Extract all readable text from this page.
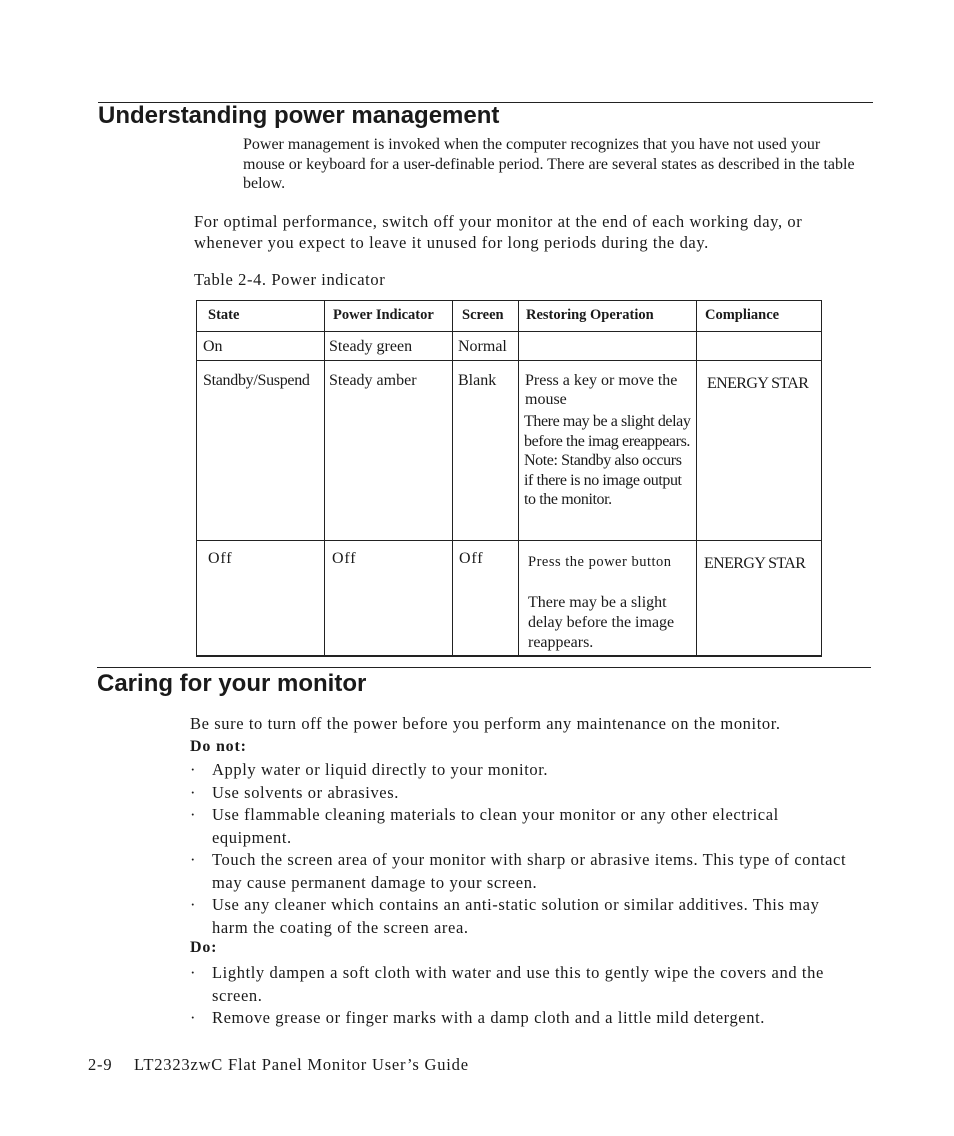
Understanding power management
Power management is invoked when the computer recognizes that you have not used your mouse or keyboard for a user-definable period. There are several states as described in the table below.
For optimal performance, switch off your monitor at the end of each working day, or whenever you expect to leave it unused for long periods during the day.
Table 2-4. Power indicator
State	Power Indicator	Screen	Restoring Operation	Compliance

On	Steady green	Normal		

Standby/Suspend	Steady amber	Blank	Press a key or move the mouse
There may be a slight delay before the imag ereappears. Note: Standby also occurs if there is no image output to the monitor.	ENERGY STAR

Off	Off	Off	Press the power button
There may be a slight delay before the image reappears.	ENERGY STAR
Caring for your monitor
Be sure to turn off the power before you perform any maintenance on the monitor.
Do not:
· Apply water or liquid directly to your monitor.
· Use solvents or abrasives.
· Use flammable cleaning materials to clean your monitor or any other electrical equipment.
· Touch the screen area of your monitor with sharp or abrasive items. This type of contact may cause permanent damage to your screen.
· Use any cleaner which contains an anti-static solution or similar additives. This may harm the coating of the screen area.
Do:
· Lightly dampen a soft cloth with water and use this to gently wipe the covers and the screen.
· Remove grease or finger marks with a damp cloth and a little mild detergent.
2-9 LT2323zwC Flat Panel Monitor User’s Guide
